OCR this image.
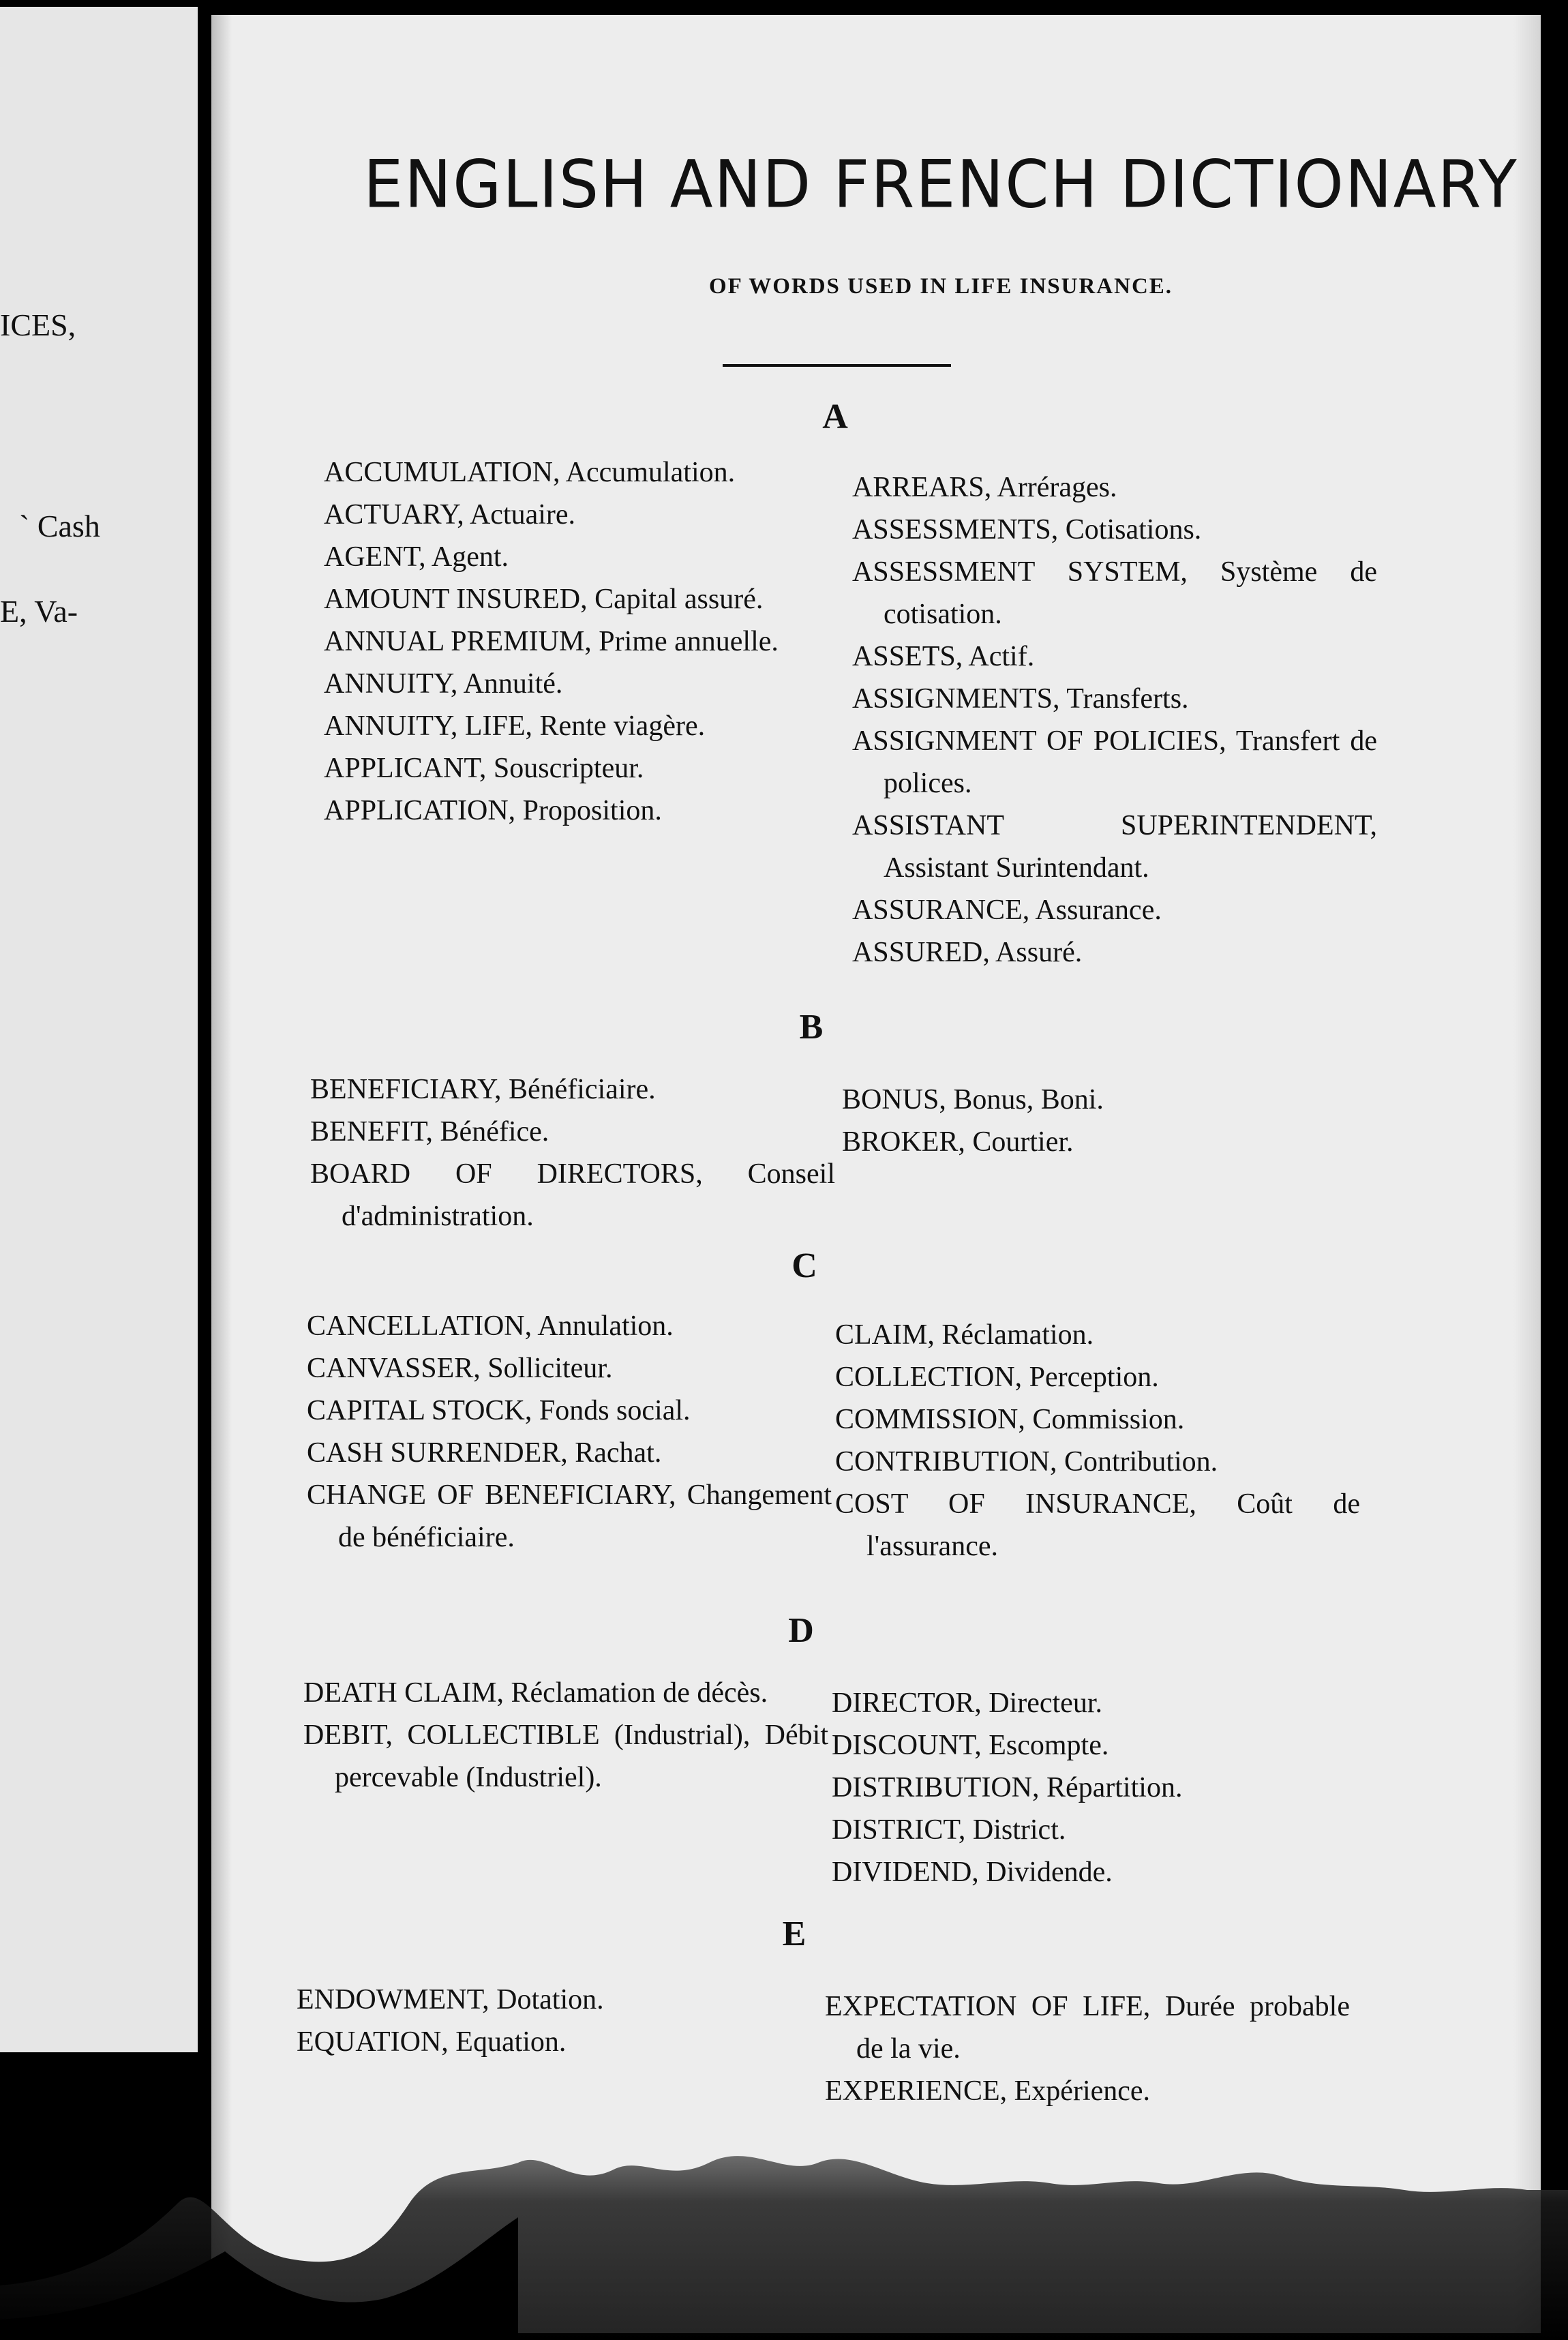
ICES,
` Cash
E, Va-
ENGLISH AND FRENCH DICTIONARY
OF WORDS USED IN LIFE INSURANCE.
A
ACCUMULATION, Accumulation.
ACTUARY, Actuaire.
AGENT, Agent.
AMOUNT INSURED, Capital assuré.
ANNUAL PREMIUM, Prime annuelle.
ANNUITY, Annuité.
ANNUITY, LIFE, Rente viagère.
APPLICANT, Souscripteur.
APPLICATION, Proposition.
ARREARS, Arrérages.
ASSESSMENTS, Cotisations.
ASSESSMENT SYSTEM, Système de cotisation.
ASSETS, Actif.
ASSIGNMENTS, Transferts.
ASSIGNMENT OF POLICIES, Transfert de polices.
ASSISTANT SUPERINTENDENT, Assistant Surintendant.
ASSURANCE, Assurance.
ASSURED, Assuré.
B
BENEFICIARY, Bénéficiaire.
BENEFIT, Bénéfice.
BOARD OF DIRECTORS, Conseil d'administration.
BONUS, Bonus, Boni.
BROKER, Courtier.
C
CANCELLATION, Annulation.
CANVASSER, Solliciteur.
CAPITAL STOCK, Fonds social.
CASH SURRENDER, Rachat.
CHANGE OF BENEFICIARY, Changement de bénéficiaire.
CLAIM, Réclamation.
COLLECTION, Perception.
COMMISSION, Commission.
CONTRIBUTION, Contribution.
COST OF INSURANCE, Coût de l'assurance.
D
DEATH CLAIM, Réclamation de décès.
DEBIT, COLLECTIBLE (Industrial), Débit percevable (Industriel).
DIRECTOR, Directeur.
DISCOUNT, Escompte.
DISTRIBUTION, Répartition.
DISTRICT, District.
DIVIDEND, Dividende.
E
ENDOWMENT, Dotation.
EQUATION, Equation.
EXPECTATION OF LIFE, Durée probable de la vie.
EXPERIENCE, Expérience.
